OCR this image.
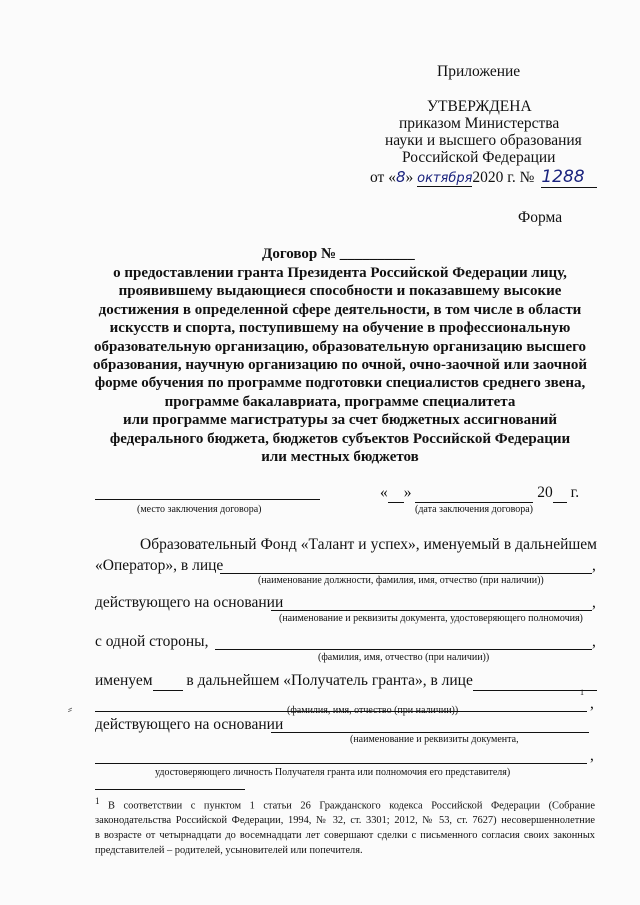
Приложение
УТВЕРЖДЕНА
приказом Министерства
науки и высшего образования
Российской Федерации
от «8» октября2020 г. № 1288
Форма
Договор № __________
о предоставлении гранта Президента Российской Федерации лицу,
проявившему выдающиеся способности и показавшему высокие
достижения в определенной сфере деятельности, в том числе в области
искусств и спорта, поступившему на обучение в профессиональную
образовательную организацию, образовательную организацию высшего
образования, научную организацию по очной, очно-заочной или заочной
форме обучения по программе подготовки специалистов среднего звена,
программе бакалавриата, программе специалитета
или программе магистратуры за счет бюджетных ассигнований
федерального бюджета, бюджетов субъектов Российской Федерации
или местных бюджетов
(место заключения договора)
« »	20 г.
(дата заключения договора)
Образовательный Фонд «Талант и успех», именуемый в дальнейшем
«Оператор», в лице	,
(наименование должности, фамилия, имя, отчество (при наличии))
действующего на основании	,
(наименование и реквизиты документа, удостоверяющего полномочия)
с одной стороны,	,
(фамилия, имя, отчество (при наличии))
именуем в дальнейшем «Получатель гранта», в лице
1
,
(фамилия, имя, отчество (при наличии))
⸗
действующего на основании
(наименование и реквизиты документа,
,
удостоверяющего личность Получателя гранта или полномочия его представителя)
$^1$ В соответствии с пунктом 1 статьи 26 Гражданского кодекса Российской Федерации (Собрание
законодательства Российской Федерации, 1994, № 32, ст. 3301; 2012, № 53, ст. 7627) несовершеннолетние
в возрасте от четырнадцати до восемнадцати лет совершают сделки с письменного согласия своих законных
представителей – родителей, усыновителей или попечителя.
